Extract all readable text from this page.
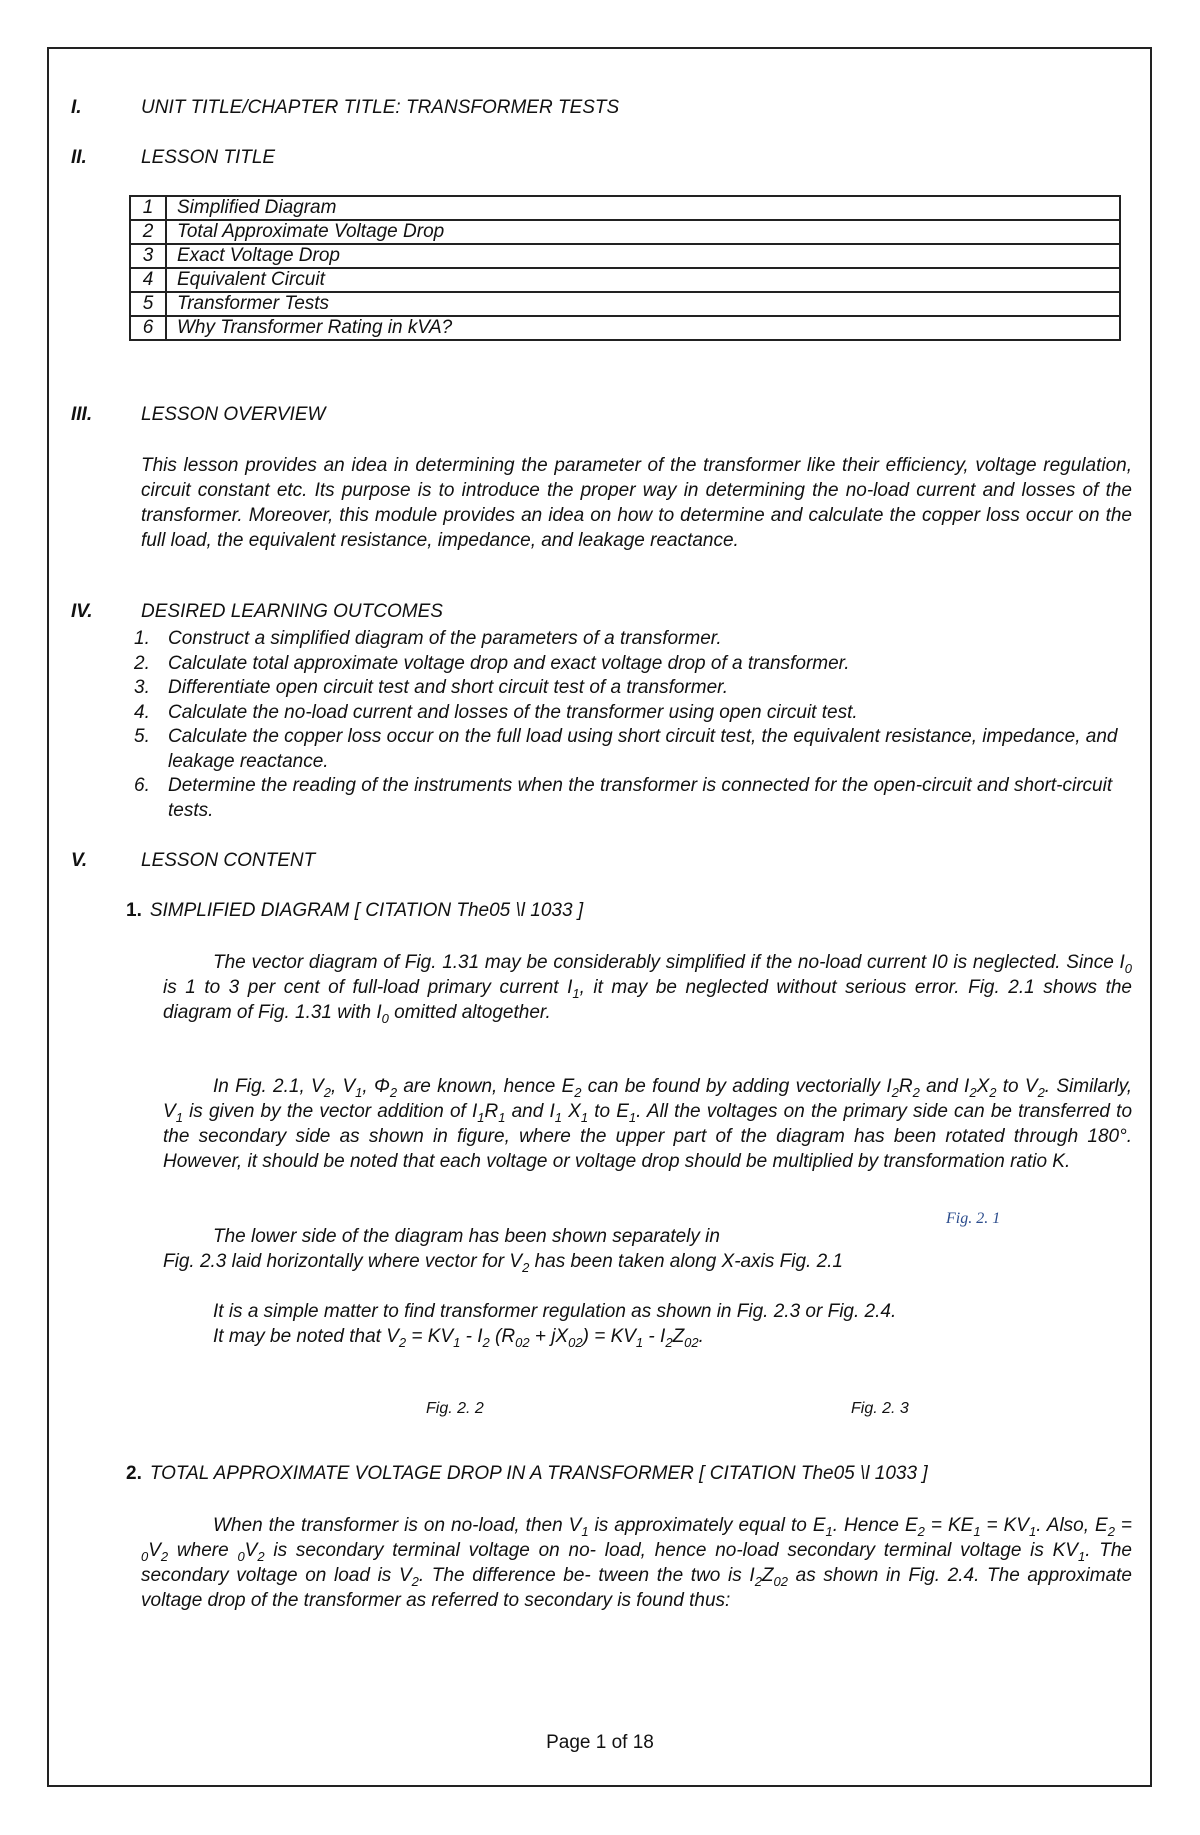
I.	UNIT TITLE/CHAPTER TITLE: TRANSFORMER TESTS
II.	LESSON TITLE
1	Simplified Diagram
2	Total Approximate Voltage Drop
3	Exact Voltage Drop
4	Equivalent Circuit
5	Transformer Tests
6	Why Transformer Rating in kVA?
III.	LESSON OVERVIEW
This lesson provides an idea in determining the parameter of the transformer like their efficiency, voltage regulation, circuit constant etc. Its purpose is to introduce the proper way in determining the no-load current and losses of the transformer. Moreover, this module provides an idea on how to determine and calculate the copper loss occur on the full load, the equivalent resistance, impedance, and leakage reactance.
IV.	DESIRED LEARNING OUTCOMES
1. Construct a simplified diagram of the parameters of a transformer.
2. Calculate total approximate voltage drop and exact voltage drop of a transformer.
3. Differentiate open circuit test and short circuit test of a transformer.
4. Calculate the no-load current and losses of the transformer using open circuit test.
5. Calculate the copper loss occur on the full load using short circuit test, the equivalent resistance, impedance, and leakage reactance.
6. Determine the reading of the instruments when the transformer is connected for the open-circuit and short-circuit tests.
V.	LESSON CONTENT
1. SIMPLIFIED DIAGRAM [ CITATION The05 \l 1033 ]
The vector diagram of Fig. 1.31 may be considerably simplified if the no-load current I0 is neglected. Since $I_0$ is 1 to 3 per cent of full-load primary current $I_1$, it may be neglected without serious error. Fig. 2.1 shows the diagram of Fig. 1.31 with $I_0$ omitted altogether.
In Fig. 2.1, $V_2$, $V_1$, $\Phi_2$ are known, hence $E_2$ can be found by adding vectorially $I_2R_2$ and $I_2X_2$ to $V_2$. Similarly, $V_1$ is given by the vector addition of $I_1R_1$ and $I_1$ $X_1$ to $E_1$. All the voltages on the primary side can be transferred to the secondary side as shown in figure, where the upper part of the diagram has been rotated through 180°. However, it should be noted that each voltage or voltage drop should be multiplied by transformation ratio K.
Fig. 2. 1
The lower side of the diagram has been shown separately in
Fig. 2.3 laid horizontally where vector for $V_2$ has been taken along X-axis Fig. 2.1
It is a simple matter to find transformer regulation as shown in Fig. 2.3 or Fig. 2.4.
It may be noted that $V_2 = KV_1 - I_2$ $(R_{02} + jX_{02}) = KV_1 - I_2Z_{02}$.
Fig. 2. 2	Fig. 2. 3
2. TOTAL APPROXIMATE VOLTAGE DROP IN A TRANSFORMER [ CITATION The05 \l 1033 ]
When the transformer is on no-load, then $V_1$ is approximately equal to $E_1$. Hence $E_2 = KE_1 = KV_1$. Also, $E_2 = _0V_2$ where $_0V_2$ is secondary terminal voltage on no- load, hence no-load secondary terminal voltage is $KV_1$. The secondary voltage on load is $V_2$. The difference be- tween the two is $I_2Z_{02}$ as shown in Fig. 2.4. The approximate voltage drop of the transformer as referred to secondary is found thus:
Page 1 of 18
